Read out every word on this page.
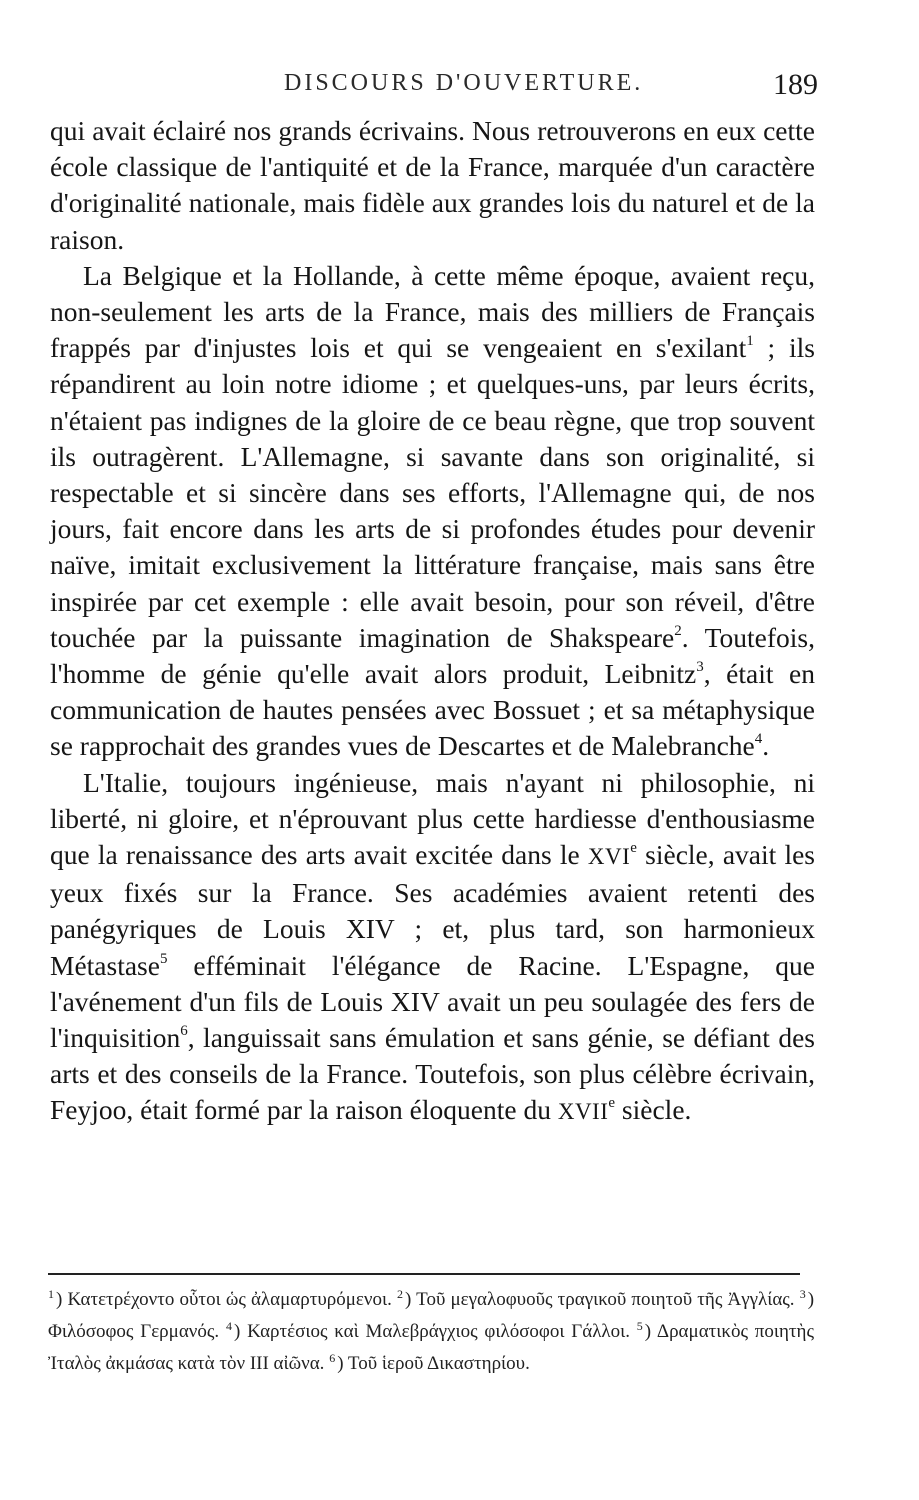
DISCOURS D'OUVERTURE.	189

qui avait éclairé nos grands écrivains. Nous retrouverons en eux cette école classique de l'antiquité et de la France, marquée d'un caractère d'originalité nationale, mais fidèle aux grandes lois du naturel et de la raison.

La Belgique et la Hollande, à cette même époque, avaient reçu, non-seulement les arts de la France, mais des milliers de Français frappés par d'injustes lois et qui se vengeaient en s'exilant$^1$ ; ils répandirent au loin notre idiome ; et quelques-uns, par leurs écrits, n'étaient pas indignes de la gloire de ce beau règne, que trop souvent ils outragèrent. L'Allemagne, si savante dans son originalité, si respectable et si sincère dans ses efforts, l'Allemagne qui, de nos jours, fait encore dans les arts de si profondes études pour devenir naïve, imitait exclusivement la littérature française, mais sans être inspirée par cet exemple : elle avait besoin, pour son réveil, d'être touchée par la puissante imagination de Shakspeare$^2$. Toutefois, l'homme de génie qu'elle avait alors produit, Leibnitz$^3$, était en communication de hautes pensées avec Bossuet ; et sa métaphysique se rapprochait des grandes vues de Descartes et de Malebranche$^4$.

L'Italie, toujours ingénieuse, mais n'ayant ni philosophie, ni liberté, ni gloire, et n'éprouvant plus cette hardiesse d'enthousiasme que la renaissance des arts avait excitée dans le XVIe siècle, avait les yeux fixés sur la France. Ses académies avaient retenti des panégyriques de Louis XIV ; et, plus tard, son harmonieux Métastase$^5$ efféminait l'élégance de Racine. L'Espagne, que l'avénement d'un fils de Louis XIV avait un peu soulagée des fers de l'inquisition$^6$, languissait sans émulation et sans génie, se défiant des arts et des conseils de la France. Toutefois, son plus célèbre écrivain, Feyjoo, était formé par la raison éloquente du XVIIe siècle.

$^1$ ) Κατετρέχοντο οὗτοι ὡς ἀλαμαρτυρόμενοι. $^2$ ) Τοῦ μεγαλοφυοῦς τραγικοῦ ποιητοῦ τῆς Ἀγγλίας. $^3$ ) Φιλόσοφος Γερμανός. $^4$ ) Καρτέσιος καὶ Μαλεβράγχιος φιλόσοφοι Γάλλοι. $^5$ ) Δραματικὸς ποιητὴς Ἰταλὸς ἀκμάσας κατὰ τὸν ΙΙΙ αἰῶνα. $^6$ ) Τοῦ ἱεροῦ Δικαστηρίου.
